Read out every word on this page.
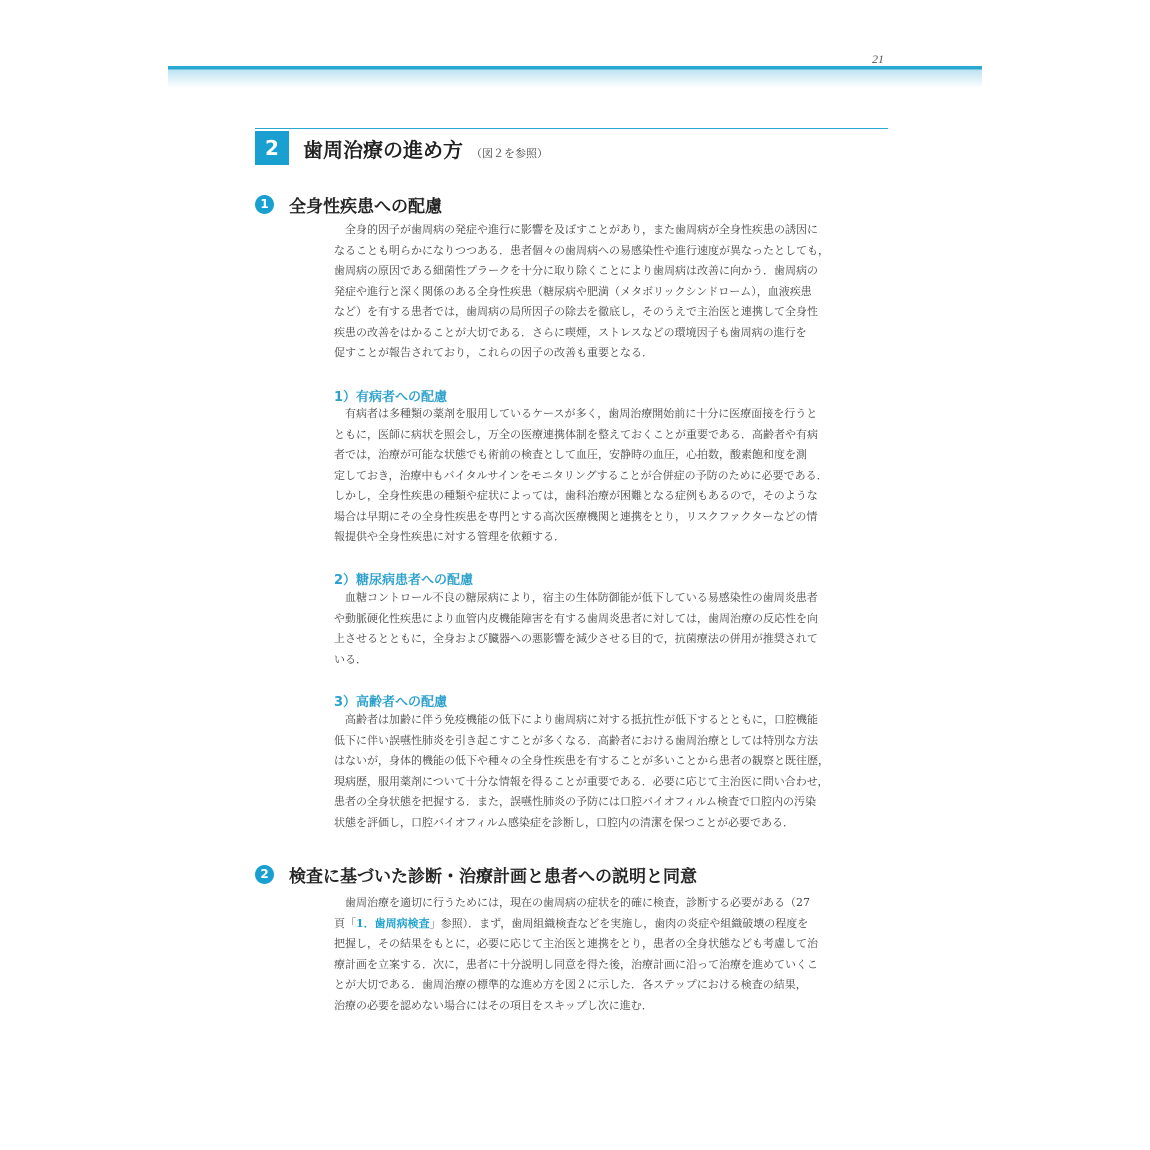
21
2	歯周治療の進め方 （図２を参照）
1	全身性疾患への配慮

　全身的因子が歯周病の発症や進行に影響を及ぼすことがあり，また歯周病が全身性疾患の誘因に
なることも明らかになりつつある．患者個々の歯周病への易感染性や進行速度が異なったとしても，
歯周病の原因である細菌性プラークを十分に取り除くことにより歯周病は改善に向かう．歯周病の
発症や進行と深く関係のある全身性疾患（糖尿病や肥満（メタボリックシンドローム），血液疾患
など）を有する患者では，歯周病の局所因子の除去を徹底し，そのうえで主治医と連携して全身性
疾患の改善をはかることが大切である．さらに喫煙，ストレスなどの環境因子も歯周病の進行を
促すことが報告されており，これらの因子の改善も重要となる．

1）有病者への配慮

　有病者は多種類の薬剤を服用しているケースが多く，歯周治療開始前に十分に医療面接を行うと
ともに，医師に病状を照会し，万全の医療連携体制を整えておくことが重要である．高齢者や有病
者では，治療が可能な状態でも術前の検査として血圧，安静時の血圧，心拍数，酸素飽和度を測
定しておき，治療中もバイタルサインをモニタリングすることが合併症の予防のために必要である．
しかし，全身性疾患の種類や症状によっては，歯科治療が困難となる症例もあるので，そのような
場合は早期にその全身性疾患を専門とする高次医療機関と連携をとり，リスクファクターなどの情
報提供や全身性疾患に対する管理を依頼する．

2）糖尿病患者への配慮

　血糖コントロール不良の糖尿病により，宿主の生体防御能が低下している易感染性の歯周炎患者
や動脈硬化性疾患により血管内皮機能障害を有する歯周炎患者に対しては，歯周治療の反応性を向
上させるとともに，全身および臓器への悪影響を減少させる目的で，抗菌療法の併用が推奨されて
いる．

3）高齢者への配慮

　高齢者は加齢に伴う免疫機能の低下により歯周病に対する抵抗性が低下するとともに，口腔機能
低下に伴い誤嚥性肺炎を引き起こすことが多くなる．高齢者における歯周治療としては特別な方法
はないが，身体的機能の低下や種々の全身性疾患を有することが多いことから患者の観察と既往歴，
現病歴，服用薬剤について十分な情報を得ることが重要である．必要に応じて主治医に問い合わせ，
患者の全身状態を把握する．また，誤嚥性肺炎の予防には口腔バイオフィルム検査で口腔内の汚染
状態を評価し，口腔バイオフィルム感染症を診断し，口腔内の清潔を保つことが必要である．

2	検査に基づいた診断・治療計画と患者への説明と同意

　歯周治療を適切に行うためには，現在の歯周病の症状を的確に検査，診断する必要がある（27
頁「1．歯周病検査」参照）．まず，歯周組織検査などを実施し，歯肉の炎症や組織破壊の程度を
把握し，その結果をもとに，必要に応じて主治医と連携をとり，患者の全身状態なども考慮して治
療計画を立案する．次に，患者に十分説明し同意を得た後，治療計画に沿って治療を進めていくこ
とが大切である．歯周治療の標準的な進め方を図２に示した．各ステップにおける検査の結果，
治療の必要を認めない場合にはその項目をスキップし次に進む．
